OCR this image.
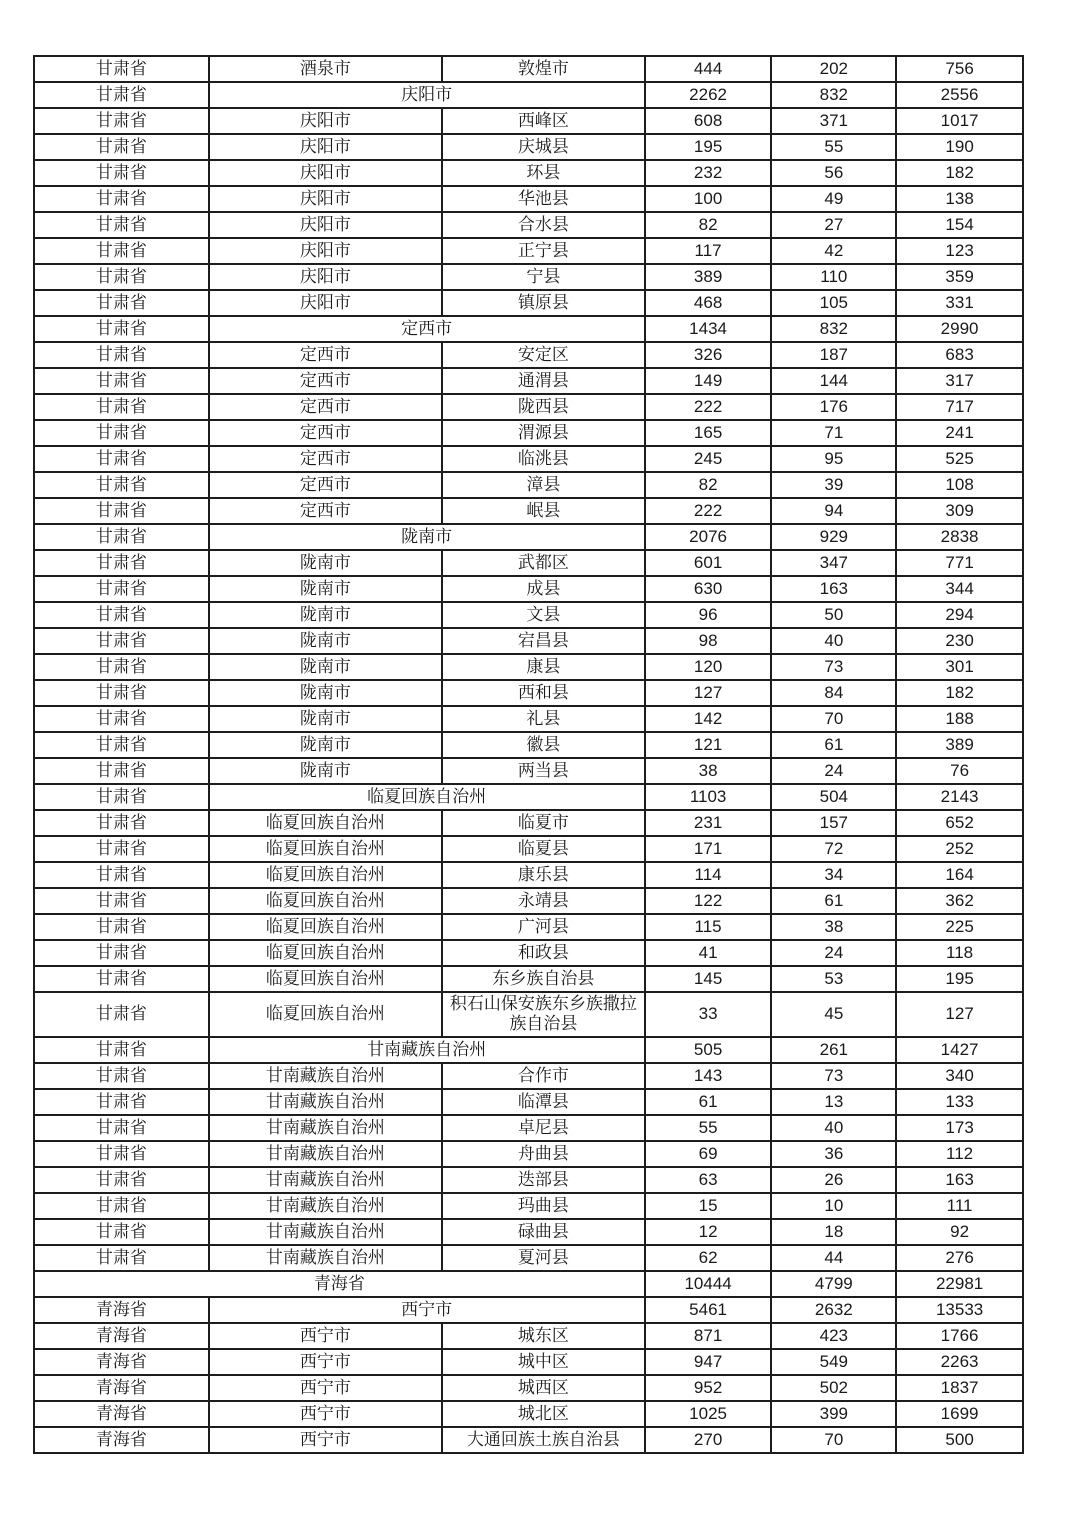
甘肃省	酒泉市	敦煌市	444	202	756
甘肃省	庆阳市		2262	832	2556
甘肃省	庆阳市	西峰区	608	371	1017
甘肃省	庆阳市	庆城县	195	55	190
甘肃省	庆阳市	环县	232	56	182
甘肃省	庆阳市	华池县	100	49	138
甘肃省	庆阳市	合水县	82	27	154
甘肃省	庆阳市	正宁县	117	42	123
甘肃省	庆阳市	宁县	389	110	359
甘肃省	庆阳市	镇原县	468	105	331
甘肃省	定西市		1434	832	2990
甘肃省	定西市	安定区	326	187	683
甘肃省	定西市	通渭县	149	144	317
甘肃省	定西市	陇西县	222	176	717
甘肃省	定西市	渭源县	165	71	241
甘肃省	定西市	临洮县	245	95	525
甘肃省	定西市	漳县	82	39	108
甘肃省	定西市	岷县	222	94	309
甘肃省	陇南市		2076	929	2838
甘肃省	陇南市	武都区	601	347	771
甘肃省	陇南市	成县	630	163	344
甘肃省	陇南市	文县	96	50	294
甘肃省	陇南市	宕昌县	98	40	230
甘肃省	陇南市	康县	120	73	301
甘肃省	陇南市	西和县	127	84	182
甘肃省	陇南市	礼县	142	70	188
甘肃省	陇南市	徽县	121	61	389
甘肃省	陇南市	两当县	38	24	76
甘肃省	临夏回族自治州		1103	504	2143
甘肃省	临夏回族自治州	临夏市	231	157	652
甘肃省	临夏回族自治州	临夏县	171	72	252
甘肃省	临夏回族自治州	康乐县	114	34	164
甘肃省	临夏回族自治州	永靖县	122	61	362
甘肃省	临夏回族自治州	广河县	115	38	225
甘肃省	临夏回族自治州	和政县	41	24	118
甘肃省	临夏回族自治州	东乡族自治县	145	53	195
甘肃省	临夏回族自治州	积石山保安族东乡族撒拉族自治县	33	45	127
甘肃省	甘南藏族自治州		505	261	1427
甘肃省	甘南藏族自治州	合作市	143	73	340
甘肃省	甘南藏族自治州	临潭县	61	13	133
甘肃省	甘南藏族自治州	卓尼县	55	40	173
甘肃省	甘南藏族自治州	舟曲县	69	36	112
甘肃省	甘南藏族自治州	迭部县	63	26	163
甘肃省	甘南藏族自治州	玛曲县	15	10	111
甘肃省	甘南藏族自治州	碌曲县	12	18	92
甘肃省	甘南藏族自治州	夏河县	62	44	276
青海省			10444	4799	22981
青海省	西宁市		5461	2632	13533
青海省	西宁市	城东区	871	423	1766
青海省	西宁市	城中区	947	549	2263
青海省	西宁市	城西区	952	502	1837
青海省	西宁市	城北区	1025	399	1699
青海省	西宁市	大通回族土族自治县	270	70	500
